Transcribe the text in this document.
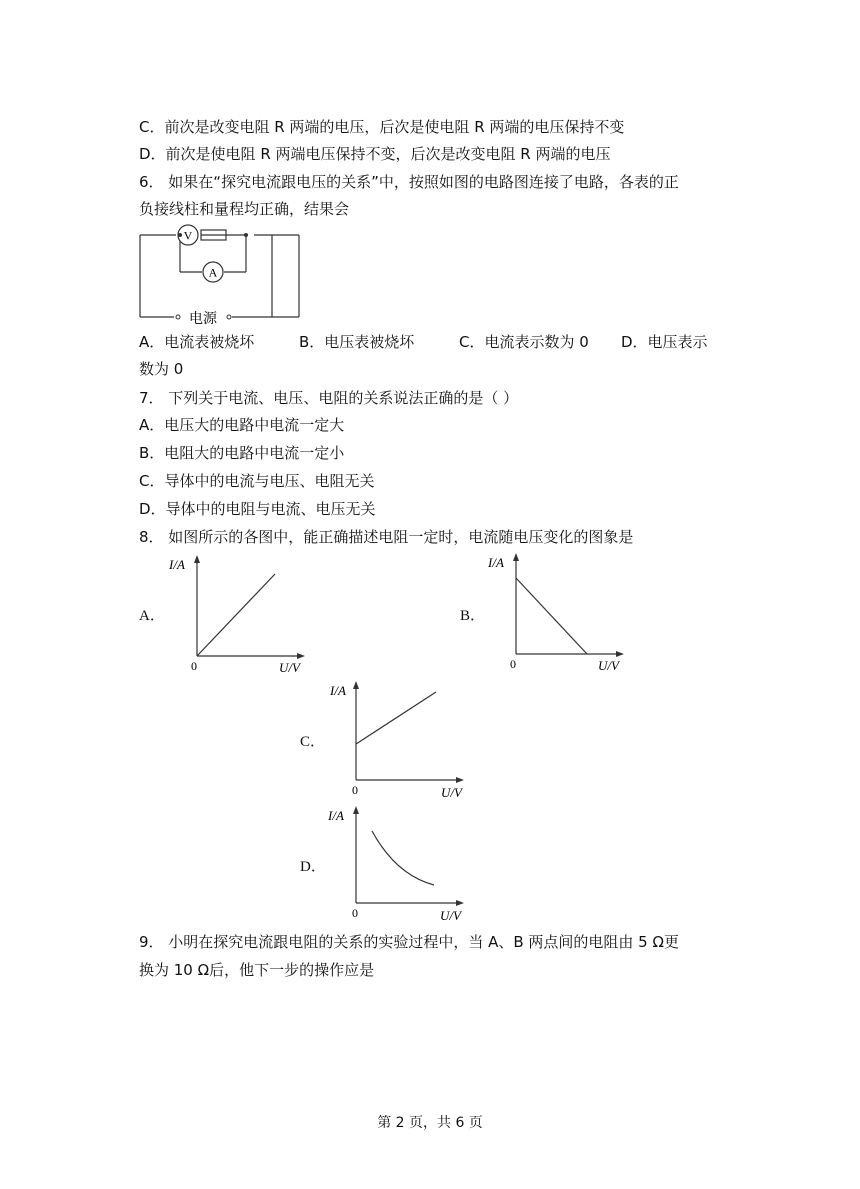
C．前次是改变电阻 R 两端的电压，后次是使电阻 R 两端的电压保持不变
D．前次是使电阻 R 两端电压保持不变，后次是改变电阻 R 两端的电压
6． 如果在“探究电流跟电压的关系”中，按照如图的电路图连接了电路，各表的正
负接线柱和量程均正确，结果会
V
A
电源
A．电流表被烧坏	B．电压表被烧坏	C．电流表示数为 0 D．电压表示
数为 0
7． 下列关于电流、电压、电阻的关系说法正确的是（ ）
A．电压大的电路中电流一定大
B．电阻大的电路中电流一定小
C．导体中的电流与电压、电阻无关
D．导体中的电阻与电流、电压无关
8． 如图所示的各图中，能正确描述电阻一定时，电流随电压变化的图象是
A．	B．
C．
D．
I/A
U/V
0
I/A
U/V
0
I/A
U/V
0
I/A
U/V
0
9． 小明在探究电流跟电阻的关系的实验过程中，当 A、B 两点间的电阻由 5 Ω更
换为 10 Ω后，他下一步的操作应是
第 2 页，共 6 页
